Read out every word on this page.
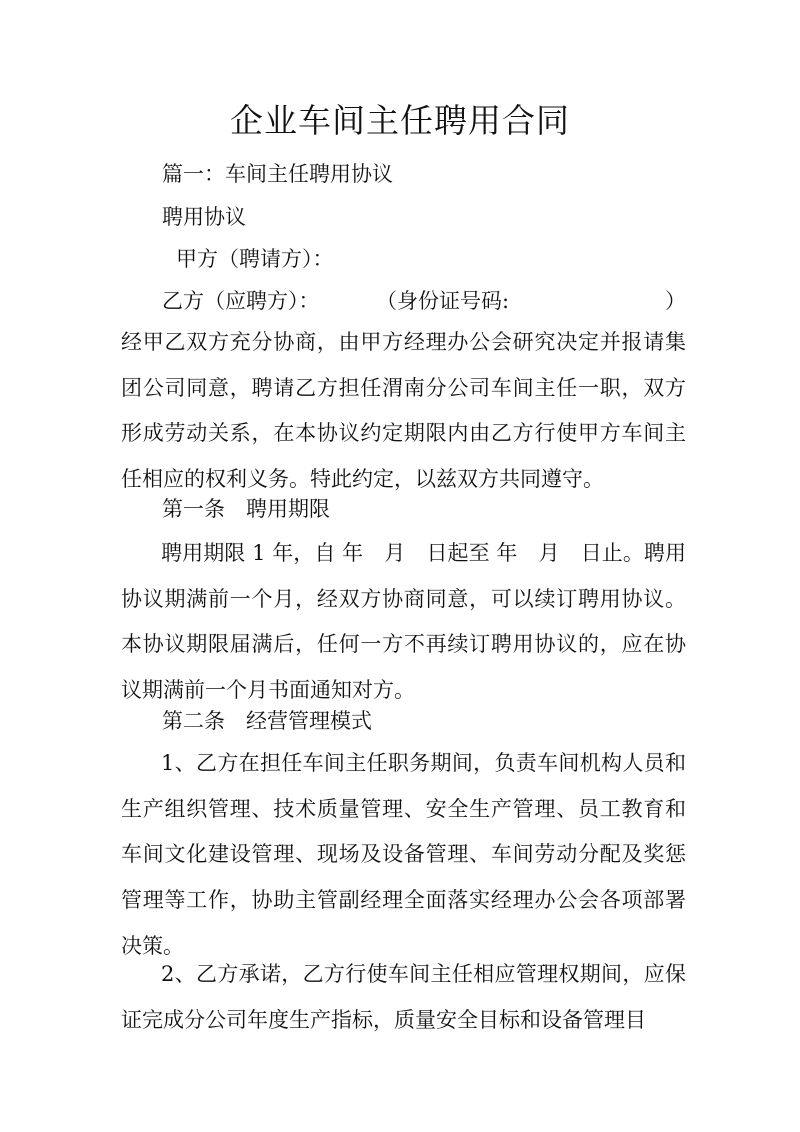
企业车间主任聘用合同
篇一：车间主任聘用协议
聘用协议
甲方（聘请方）：
乙方（应聘方）：	（身份证号码:	）

经甲乙双方充分协商，由甲方经理办公会研究决定并报请集团公司同意，聘请乙方担任渭南分公司车间主任一职，双方形成劳动关系，在本协议约定期限内由乙方行使甲方车间主任相应的权利义务。特此约定，以兹双方共同遵守。

第一条　聘用期限

聘用期限 1 年，自 年　月　日起至 年　月　日止。聘用协议期满前一个月，经双方协商同意，可以续订聘用协议。本协议期限届满后，任何一方不再续订聘用协议的，应在协议期满前一个月书面通知对方。

第二条　经营管理模式

1、乙方在担任车间主任职务期间，负责车间机构人员和生产组织管理、技术质量管理、安全生产管理、员工教育和车间文化建设管理、现场及设备管理、车间劳动分配及奖惩管理等工作，协助主管副经理全面落实经理办公会各项部署决策。

2、乙方承诺，乙方行使车间主任相应管理权期间，应保证完成分公司年度生产指标，质量安全目标和设备管理目
